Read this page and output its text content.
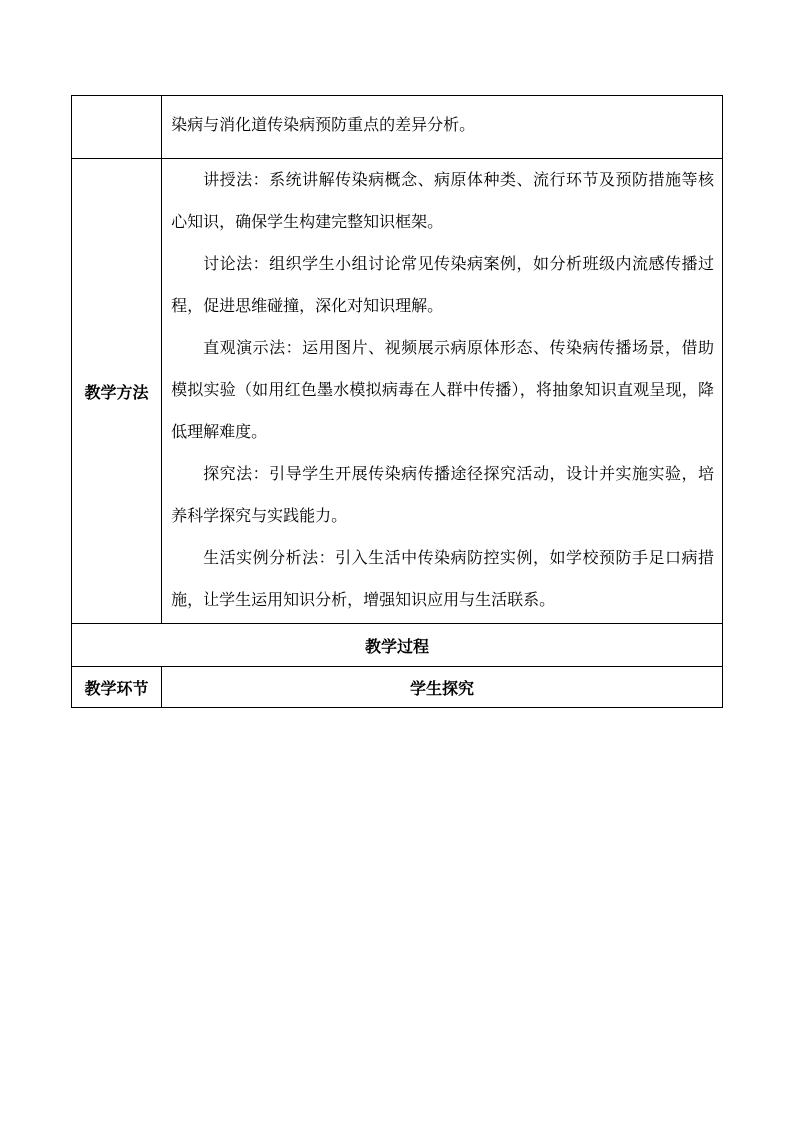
	染病与消化道传染病预防重点的差异分析。

教学方法	讲授法：系统讲解传染病概念、病原体种类、流行环节及预防措施等核心知识，确保学生构建完整知识框架。

讨论法：组织学生小组讨论常见传染病案例，如分析班级内流感传播过程，促进思维碰撞，深化对知识理解。

直观演示法：运用图片、视频展示病原体形态、传染病传播场景，借助模拟实验（如用红色墨水模拟病毒在人群中传播），将抽象知识直观呈现，降低理解难度。

探究法：引导学生开展传染病传播途径探究活动，设计并实施实验，培养科学探究与实践能力。

生活实例分析法：引入生活中传染病防控实例，如学校预防手足口病措施，让学生运用知识分析，增强知识应用与生活联系。

教学过程	
教学环节	学生探究
